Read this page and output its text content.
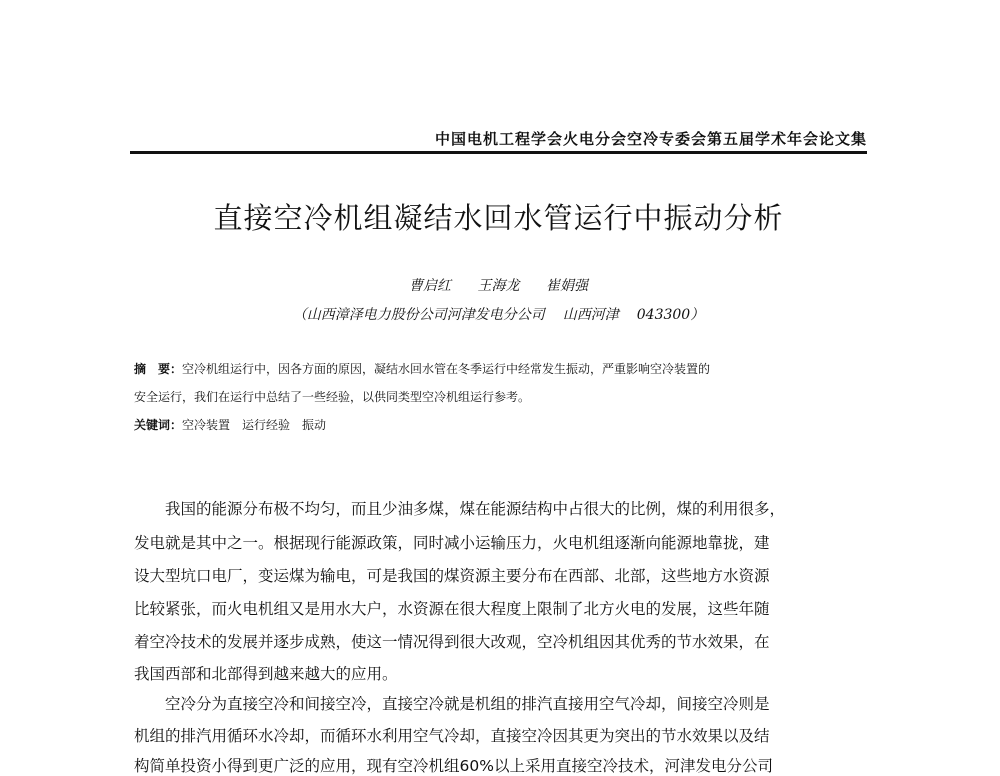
中国电机工程学会火电分会空冷专委会第五届学术年会论文集
直接空冷机组凝结水回水管运行中振动分析
曹启红 王海龙 崔娟强
（山西漳泽电力股份公司河津发电分公司 山西河津 043300）
摘　要：空冷机组运行中，因各方面的原因，凝结水回水管在冬季运行中经常发生振动，严重影响空冷装置的
安全运行，我们在运行中总结了一些经验，以供同类型空冷机组运行参考。
关键词：空冷装置 运行经验 振动
我国的能源分布极不均匀，而且少油多煤，煤在能源结构中占很大的比例，煤的利用很多，
发电就是其中之一。根据现行能源政策，同时减小运输压力，火电机组逐渐向能源地靠拢，建
设大型坑口电厂，变运煤为输电，可是我国的煤资源主要分布在西部、北部，这些地方水资源
比较紧张，而火电机组又是用水大户，水资源在很大程度上限制了北方火电的发展，这些年随
着空冷技术的发展并逐步成熟，使这一情况得到很大改观，空冷机组因其优秀的节水效果，在
我国西部和北部得到越来越大的应用。
空冷分为直接空冷和间接空冷，直接空冷就是机组的排汽直接用空气冷却，间接空冷则是
机组的排汽用循环水冷却，而循环水利用空气冷却，直接空冷因其更为突出的节水效果以及结
构简单投资小得到更广泛的应用，现有空冷机组60%以上采用直接空冷技术，河津发电分公司
